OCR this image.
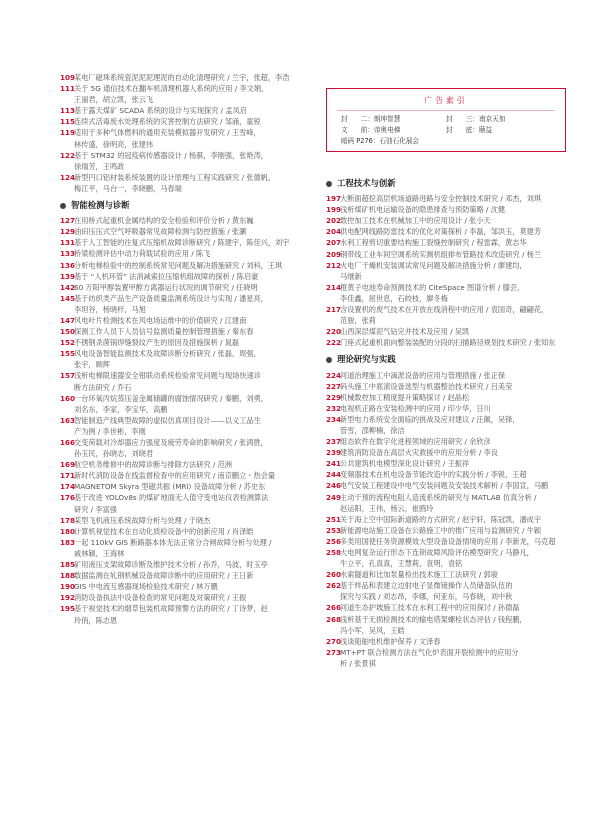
109
某电厂磁珠系统瓷泥泥泥理泥的自动化清理研究 / 兰宇，张超，李浩
111
关于 5G 通信技术在翻车机清理机器人系统的应用 / 李文娟，
王丽君，胡立凯，张云飞
113
基于露天煤矿 SCADA 系统的设计与实现探究 / 孟凤启
115
连续式活毒废水处理系统的灾害控制方法研究 / 邹涌，童锐
119
适用于多种气体燃料的通用充装模拟器开发研究 / 王雪峰，
林传盛，徐明亮，张建伟
122
基于 STM32 的冠疫病传感器设计 / 杨骐，李刚强，张艳涛，
徐瑞芳，王鸣政
124
新型円口铝材装系统装置的设计原理与工程实践研究 / 张德帆，
梅江平，马台一，李晓鹏，马春瑞
智能检测与诊断
127
在用桥式起重机金属结构的安全检验和评价分析 / 黄东巍
129
油田压压式空气呼吸器常见故障检测与防控措施 / 张灏
131
基于人工智能的往复式压缩机故障诊断研究 / 陈建宇，陈佳兴，刘宇
133
桥梁检测评估中动力荷载试验的应用 / 陈飞
136
分析电梯检验中的控制系统常见问题及解决措施研究 / 刘科，王琪
139
基于 “人机环管” 法消减索拉压缩机组故障的探析 / 陈启豪
142
60 万阳甲醇装置甲醇方离器运行状况的调节研究 / 任晓明
145
基于纺织类产品生产设备质量监测系统设计与实现 / 潘星亮，
李坦谷，杨晓杆，马旭
147
风电叶片检测技术在风电场运维中的价值研究 / 江建南
150
探测工作人员下人员信号监测质量控制管理措施 / 秦东春
152
不锈钢杀菌锅焊缝裂纹产生的原因及措施探析 / 晁磊
155
风电设备智能监测技术及故障诊断分析研究 / 张磊，周强，
张宇，顾辉
157
浅析电梯限速器安全钳联动系统检验常见问题与现场快速诊
断方法研究 / 乔石
160
一台环氧丙烷蒸压釜金属储罐的腐蚀情况研究 / 秦鹏，刘勇，
刘名东，李家，李宝华，高鹏
163
智能制造产线典型故障的虚拟仿真项目设计——以义工品生
产为例 / 李世彬，李刚
166
交变荷载对冷却器应力强度及疲劳寿命的影响研究 / 张鸿胜，
孙玉民，孙晓志，刘晓君
169
航空机务维修中的故障诊断与排除方法研究 / 范洲
171
新时代消防设备在线监督检查中的应用研究 / 南京鹏立・热会量
174
MAGNETOM Skyra 型磁共振 (MRI) 设备故障分析 / 苏史东
176
基于改进 YOLOv8s 的煤矿地面无人值守变电站仪表检测算法
研究 / 李富强
178
某型飞机液压系统故障分析与处理 / 于晓杰
180
计算机视觉技术在自动化质检设备中的创新应用 / 肖泽皓
183
一起 110kV GIS 断路器本体无法正常分合闸故障分析与处理 /
戚林颖，王海林
185
矿用液压支架故障诊断及维护技术分析 / 孙乔，马波，时玉亭
188
数据监测在轧钢机械设备故障诊断中的应用研究 / 王日新
190
GIS 中电流互感器现场检验技术研究 / 林万鹏
192
消防设备执法中设备检查的常见问题及对策研究 / 王振
195
基于视觉技术的烟草包装机故障预警方法的研究 / 丁诗梦，赵
玲俏，陈志恩
广告索引
封　　二：朗坤智慧	封　　三：南京天加
文　　前：帝奥电梯	封　　底：颐益
暗码 P276：石油石化展会
工程技术与创新
197
大断面超挖高层机场道路进路与安全控制技术研究 / 邓杰，刘琪
199
浅析煤矿机电运输设备的隐患排查与预防策略 / 沈健
202
数控加工技术在机械加工中的应用设计 / 张小天
204
供电配网线路防雷技术的优化对策探析 / 李磊，邹洪玉，莫建芳
207
水利工程剪切重要结构施工裂缝控制研究 / 程雷霖，黄志华
209
钢带线工业车间空调系统实测机组排布管路技术改造研究 / 杨兰
212
火电厂干燥机安装调试常见问题及解决措施分析 / 廖建均，
马继新
214
橙黄子电池寿命预测技术的 CiteSpace 图谱分析 / 滕芸，
李佳鑫，屈世息，石皎枝，廖冬梅
217
含设置机的废气技术在开放在线消程中的应用 / 袁国奇，翩翩花，
范骏，张莉
220
山西深层煤泥气钻完井技术及应用 / 吴凯
222
门座式起重机面向整装装配的分段的扫描路径规划技术研究 / 张知东
理论研究与实践
224
河道治理施工中滴淤设备的应用与管理措施 / 张正保
227
码头施工中底滚设备选型与机器整治技术研究 / 吕美莹
229
机械数控加工精度提升策略探讨 / 赵晶松
232
电视机正路在安装检测中的应用 / 印少华，日川
234
新型电力系统安全面临的挑战及应对建议 / 汪佩，吴锋，
管雪，邵柳楠，徐洁
237
组态软件在数字化进程领域的应用研究 / 余欣彦
239
建筑消防设备在高层火灾救援中的应用分析 / 李良
241
公共建筑机电模型深化设计研究 / 王振祥
244
变频器技术在机电设备节能改造中的实践分析 / 李锐，王超
246
电气安装工程建设中电气安装问题及安装技术解析 / 李国宣，马鹏
249
主动干预的流程电阻人造流系统的研究与 MATLAB 仿真分析 /
赵运阳，王伟，杨云，崔鸥玲
251
关于海上空中国际新道路的方式研究 / 赵宇轩，陈冠凯，潘成宇
253
新能源电站施工设备在公路施工中的推广应用与监测研究 / 牛颖
256
多类用国使任务资源模效大型设备设备情境的应用 / 李新龙，马克超
258
大电网复杂运行形态下连锁故障风险评估模型研究 / 马静凡，
牛立平，孔真真，王慧莉，袁明，袁铭
260
水索隧道和比加泵量检出技术施工工法研究 / 郭骏
262
基于样品和表建立边射电子显微镜操作人员储备队伍的
探究与实践 / 刘志昂，李娜，何亚东，马春晓，刘中秋
266
河道生态护坡施工技术在水利工程中的应用探讨 / 孙德磊
268
浅析基于无损检测技术的输电塔架螺栓状态评估 / 钱程鹏，
冯小军，吴风，王皓
270
浅谈船舶电机维护保养 / 文泽春
273
MT+PT 联合检测方法在气化炉表面开裂检测中的应用分
析 / 张景祺
